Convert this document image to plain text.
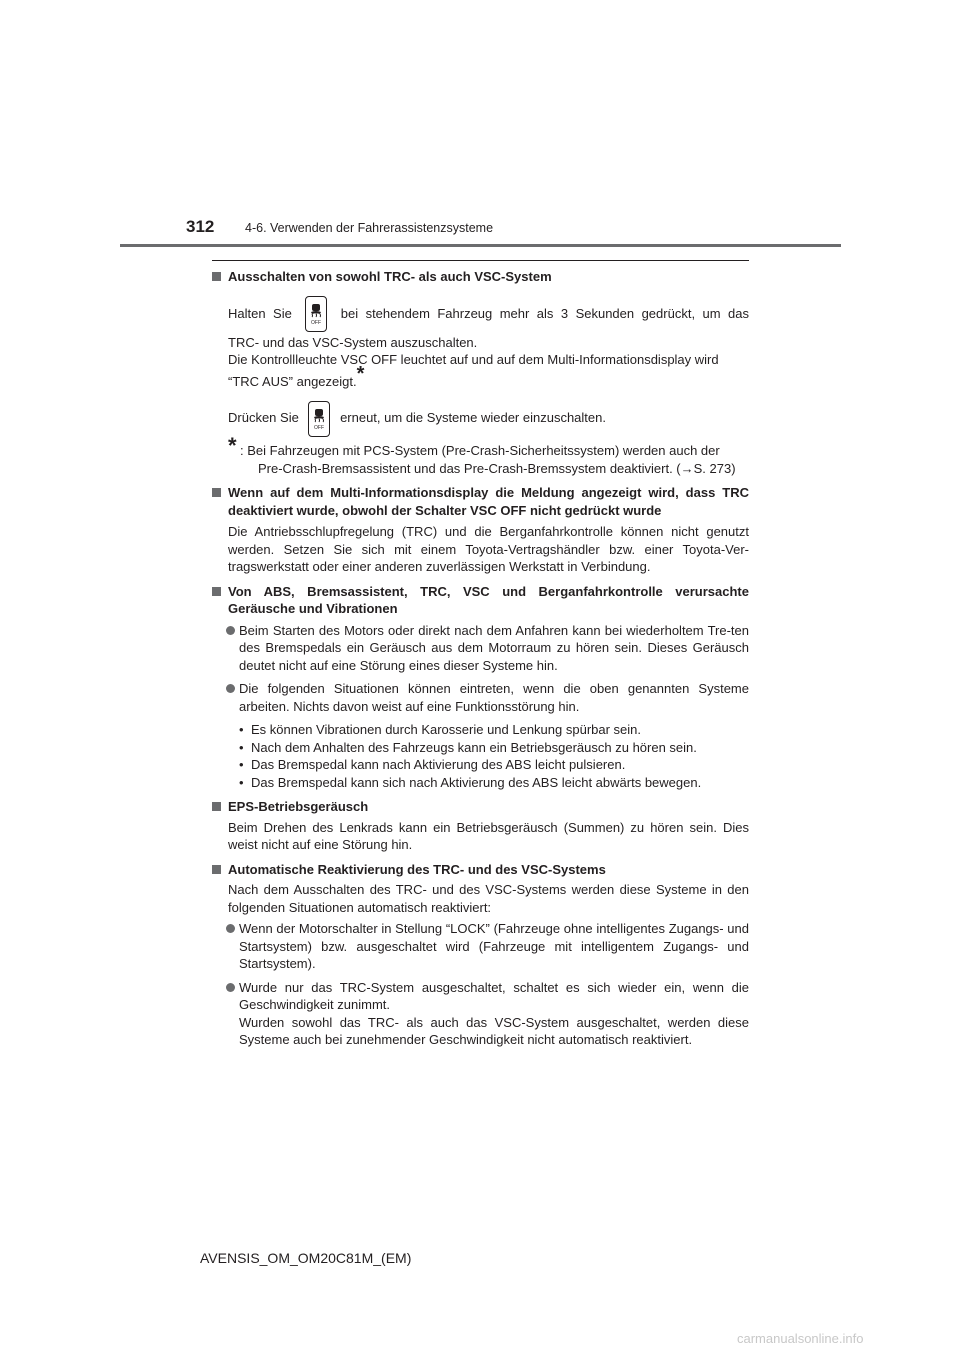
312 4-6. Verwenden der Fahrerassistenzsysteme
Ausschalten von sowohl TRC- als auch VSC-System

Halten Sie
OFF
bei stehendem Fahrzeug mehr als 3 Sekunden gedrückt, um das

TRC- und das VSC-System auszuschalten.

Die Kontrollleuchte VSC OFF leuchtet auf und auf dem Multi-Informationsdisplay wird

“TRC AUS” angezeigt.*

Drücken Sie
OFF
erneut, um die Systeme wieder einzuschalten.

* : Bei Fahrzeugen mit PCS-System (Pre-Crash-Sicherheitssystem) werden auch der
Pre-Crash-Bremsassistent und das Pre-Crash-Bremssystem deaktiviert. (→S. 273)
Wenn auf dem Multi-Informationsdisplay die Meldung angezeigt wird, dass TRC deaktiviert wurde, obwohl der Schalter VSC OFF nicht gedrückt wurde

Die Antriebsschlupfregelung (TRC) und die Berganfahrkontrolle können nicht genutzt werden. Setzen Sie sich mit einem Toyota-Vertragshändler bzw. einer Toyota-Ver-tragswerkstatt oder einer anderen zuverlässigen Werkstatt in Verbindung.

Von ABS, Bremsassistent, TRC, VSC und Berganfahrkontrolle verursachte Geräusche und Vibrationen
Beim Starten des Motors oder direkt nach dem Anfahren kann bei wiederholtem Tre-ten des Bremspedals ein Geräusch aus dem Motorraum zu hören sein. Dieses Geräusch deutet nicht auf eine Störung eines dieser Systeme hin.
Die folgenden Situationen können eintreten, wenn die oben genannten Systeme arbeiten. Nichts davon weist auf eine Funktionsstörung hin.
• Es können Vibrationen durch Karosserie und Lenkung spürbar sein.
• Nach dem Anhalten des Fahrzeugs kann ein Betriebsgeräusch zu hören sein.
• Das Bremspedal kann nach Aktivierung des ABS leicht pulsieren.
• Das Bremspedal kann sich nach Aktivierung des ABS leicht abwärts bewegen.
EPS-Betriebsgeräusch

Beim Drehen des Lenkrads kann ein Betriebsgeräusch (Summen) zu hören sein. Dies weist nicht auf eine Störung hin.

Automatische Reaktivierung des TRC- und des VSC-Systems

Nach dem Ausschalten des TRC- und des VSC-Systems werden diese Systeme in den folgenden Situationen automatisch reaktiviert:

Wenn der Motorschalter in Stellung “LOCK” (Fahrzeuge ohne intelligentes Zugangs- und Startsystem) bzw. ausgeschaltet wird (Fahrzeuge mit intelligentem Zugangs- und Startsystem).
Wurde nur das TRC-System ausgeschaltet, schaltet es sich wieder ein, wenn die Geschwindigkeit zunimmt.
Wurden sowohl das TRC- als auch das VSC-System ausgeschaltet, werden diese Systeme auch bei zunehmender Geschwindigkeit nicht automatisch reaktiviert.
AVENSIS_OM_OM20C81M_(EM)
carmanualsonline.info
